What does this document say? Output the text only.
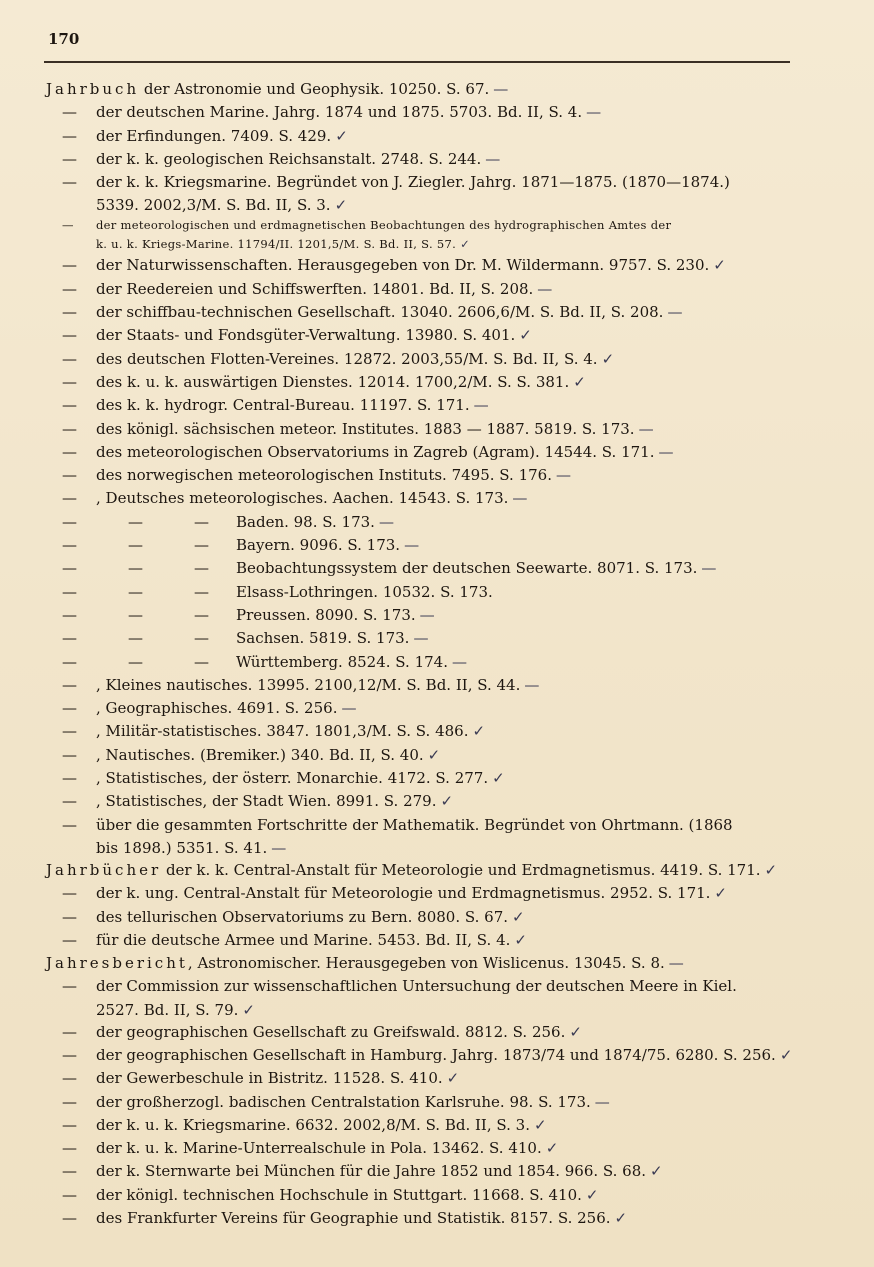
170
Jahrbuch der Astronomie und Geophysik. 10250. S. 67. —
— der deutschen Marine. Jahrg. 1874 und 1875. 5703. Bd. II, S. 4. —
— der Erfindungen. 7409. S. 429. ✓
— der k. k. geologischen Reichsanstalt. 2748. S. 244. —
— der k. k. Kriegsmarine. Begründet von J. Ziegler. Jahrg. 1871—1875. (1870—1874.)
5339. 2002,3/M. S. Bd. II, S. 3. ✓
—	der meteorologischen und erdmagnetischen Beobachtungen des hydrographischen Amtes der
k. u. k. Kriegs-Marine. 11794/II. 1201,5/M. S. Bd. II, S. 57. ✓
— der Naturwissenschaften. Herausgegeben von Dr. M. Wildermann. 9757. S. 230. ✓
— der Reedereien und Schiffswerften. 14801. Bd. II, S. 208. —
— der schiffbau-technischen Gesellschaft. 13040. 2606,6/M. S. Bd. II, S. 208. —
— der Staats- und Fondsgüter-Verwaltung. 13980. S. 401. ✓
— des deutschen Flotten-Vereines. 12872. 2003,55/M. S. Bd. II, S. 4. ✓
— des k. u. k. auswärtigen Dienstes. 12014. 1700,2/M. S. S. 381. ✓
— des k. k. hydrogr. Central-Bureau. 11197. S. 171. —
— des königl. sächsischen meteor. Institutes. 1883 — 1887. 5819. S. 173. —
— des meteorologischen Observatoriums in Zagreb (Agram). 14544. S. 171. —
— des norwegischen meteorologischen Instituts. 7495. S. 176. —
— , Deutsches meteorologisches. Aachen. 14543. S. 173. —
—	—	— Baden. 98. S. 173. —
—	—	— Bayern. 9096. S. 173. —
—	—	— Beobachtungssystem der deutschen Seewarte. 8071. S. 173. —
—	—	— Elsass-Lothringen. 10532. S. 173.
—	—	— Preussen. 8090. S. 173. —
—	—	— Sachsen. 5819. S. 173. —
—	—	— Württemberg. 8524. S. 174. —
— , Kleines nautisches. 13995. 2100,12/M. S. Bd. II, S. 44. —
— , Geographisches. 4691. S. 256. —
— , Militär-statistisches. 3847. 1801,3/M. S. S. 486. ✓
— , Nautisches. (Bremiker.) 340. Bd. II, S. 40. ✓
— , Statistisches, der österr. Monarchie. 4172. S. 277. ✓
— , Statistisches, der Stadt Wien. 8991. S. 279. ✓
— über die gesammten Fortschritte der Mathematik. Begründet von Ohrtmann. (1868
bis 1898.) 5351. S. 41. —
Jahrbücher der k. k. Central-Anstalt für Meteorologie und Erdmagnetismus. 4419. S. 171. ✓
— der k. ung. Central-Anstalt für Meteorologie und Erdmagnetismus. 2952. S. 171. ✓
— des tellurischen Observatoriums zu Bern. 8080. S. 67. ✓
— für die deutsche Armee und Marine. 5453. Bd. II, S. 4. ✓
Jahresbericht, Astronomischer. Herausgegeben von Wislicenus. 13045. S. 8. —
— der Commission zur wissenschaftlichen Untersuchung der deutschen Meere in Kiel.
2527. Bd. II, S. 79. ✓
— der geographischen Gesellschaft zu Greifswald. 8812. S. 256. ✓
— der geographischen Gesellschaft in Hamburg. Jahrg. 1873/74 und 1874/75. 6280. S. 256. ✓
— der Gewerbeschule in Bistritz. 11528. S. 410. ✓
— der großherzogl. badischen Centralstation Karlsruhe. 98. S. 173. —
— der k. u. k. Kriegsmarine. 6632. 2002,8/M. S. Bd. II, S. 3. ✓
— der k. u. k. Marine-Unterrealschule in Pola. 13462. S. 410. ✓
— der k. Sternwarte bei München für die Jahre 1852 und 1854. 966. S. 68. ✓
— der königl. technischen Hochschule in Stuttgart. 11668. S. 410. ✓
— des Frankfurter Vereins für Geographie und Statistik. 8157. S. 256. ✓
